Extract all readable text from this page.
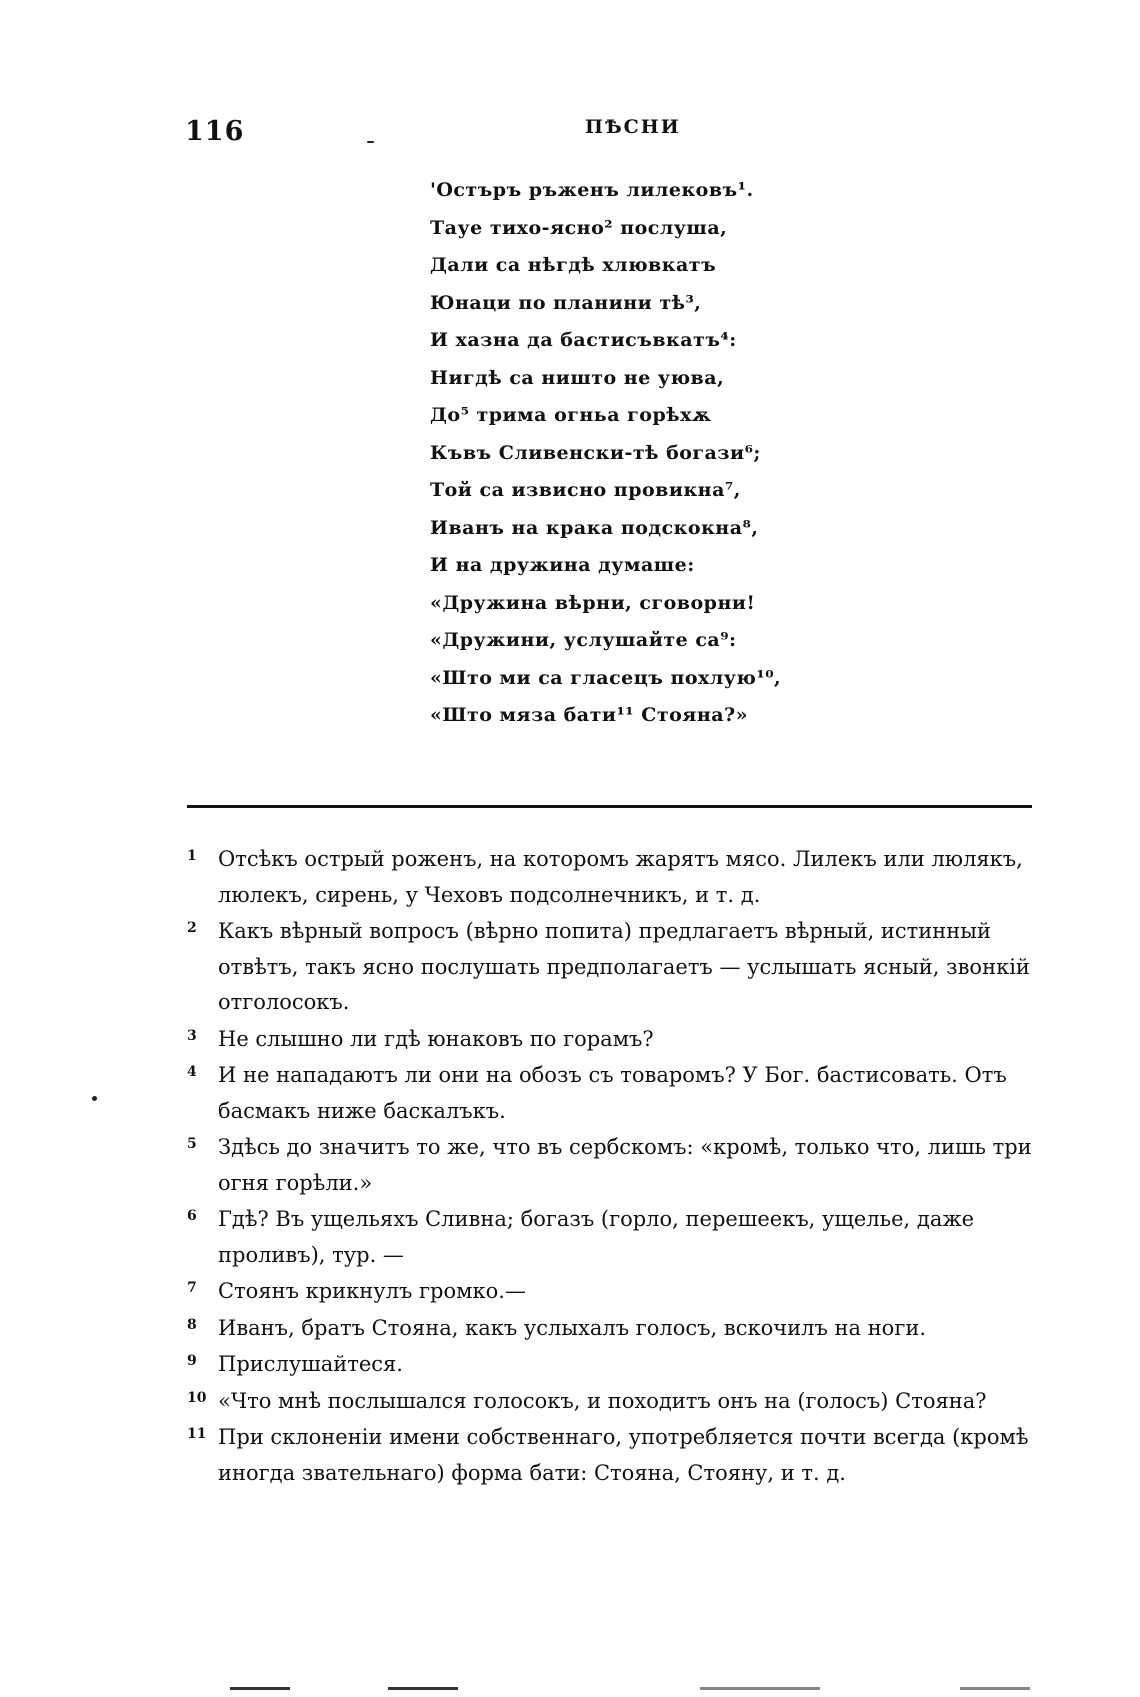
116	ПѢСНИ
'Остъръ ръженъ лилековъ¹.
Тауе тихо-ясно² послуша,
Дали са нѣгдѣ хлювкатъ
Юнаци по планини тѣ³,
И хазна да бастисъвкатъ⁴:
Нигдѣ са ништо не уюва,
До⁵ трима огньа горѣхѫ
Къвъ Сливенски-тѣ богази⁶;
Той са извисно провикна⁷,
Иванъ на крака подскокна⁸,
И на дружина думаше:
«Дружина вѣрни, сговорни!
«Дружини, услушайте са⁹:
«Што ми са гласецъ похлую¹⁰,
«Што мяза бати¹¹ Стояна?»
1 Отсѣкъ острый роженъ, на которомъ жарятъ мясо. Лилекъ или люлякъ, люлекъ, сирень, у Чеховъ подсолнечникъ, и т. д.
2 Какъ вѣрный вопросъ (вѣрно попита) предлагаетъ вѣрный, истинный отвѣтъ, такъ ясно послушать предполагаетъ — услышать ясный, звонкій отголосокъ.
3 Не слышно ли гдѣ юнаковъ по горамъ?
4 И не нападаютъ ли они на обозъ съ товаромъ? У Бог. бастисовать. Отъ басмакъ ниже баскалъкъ.
5 Здѣсь до значитъ то же, что въ сербскомъ: «кромѣ, только что, лишь три огня горѣли.»
6 Гдѣ? Въ ущельяхъ Сливна; богазъ (горло, перешеекъ, ущелье, даже проливъ), тур. —
7 Стоянъ крикнулъ громко.—
8 Иванъ, братъ Стояна, какъ услыхалъ голосъ, вскочилъ на ноги.
9 Прислушайтеся.
10 «Что мнѣ послышался голосокъ, и походитъ онъ на (голосъ) Стояна?
11 При склоненіи имени собственнаго, употребляется почти всегда (кромѣ иногда звательнаго) форма бати: Стояна, Стояну, и т. д.
